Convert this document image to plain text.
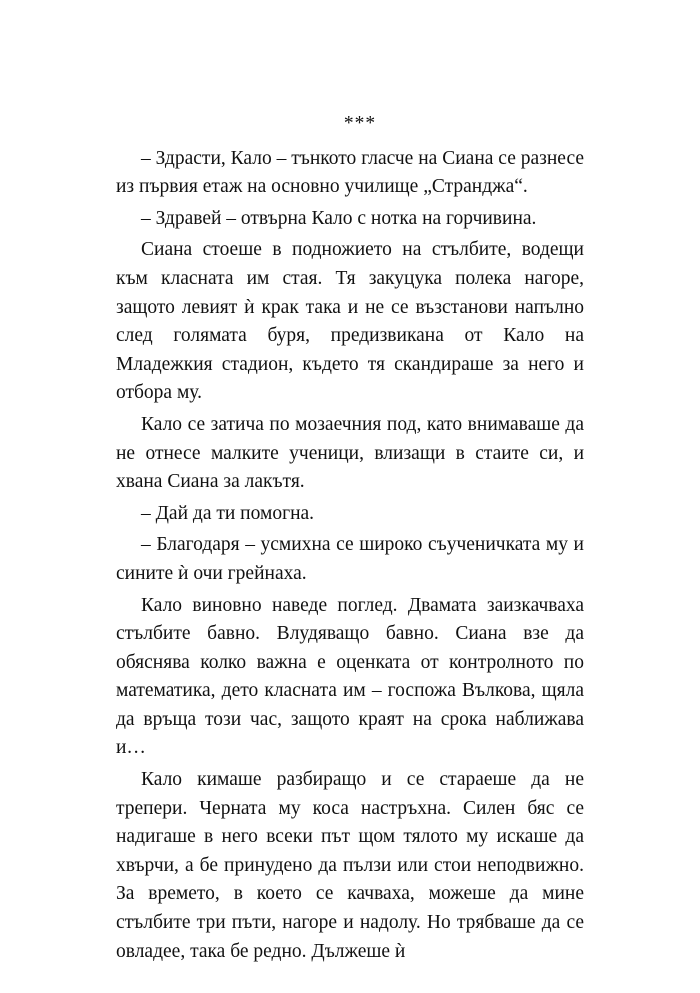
***

– Здрасти, Кало – тънкото гласче на Сиана се разнесе из първия етаж на основно училище „Странджа“.

– Здравей – отвърна Кало с нотка на горчивина.

Сиана стоеше в подножието на стълбите, водещи към класната им стая. Тя закуцука полека нагоре, защото левият ѝ крак така и не се възстанови напълно след голямата буря, предизвикана от Кало на Младежкия стадион, където тя скандираше за него и отбора му.

Кало се затича по мозаечния под, като внимаваше да не отнесе малките ученици, влизащи в стаите си, и хвана Сиана за лакътя.

– Дай да ти помогна.

– Благодаря – усмихна се широко съученичката му и сините ѝ очи грейнаха.

Кало виновно наведе поглед. Двамата заизкачваха стълбите бавно. Влудяващо бавно. Сиана взе да обяснява колко важна е оценката от контролното по математика, дето класната им – госпожа Вълкова, щяла да връща този час, защото краят на срока наближава и…

Кало кимаше разбиращо и се стараеше да не трепери. Черната му коса настръхна. Силен бяс се надигаше в него всеки път щом тялото му искаше да хвърчи, а бе принудено да пълзи или стои неподвижно. За времето, в което се качваха, можеше да мине стълбите три пъти, нагоре и надолу. Но трябваше да се овладее, така бе редно. Дължеше ѝ
